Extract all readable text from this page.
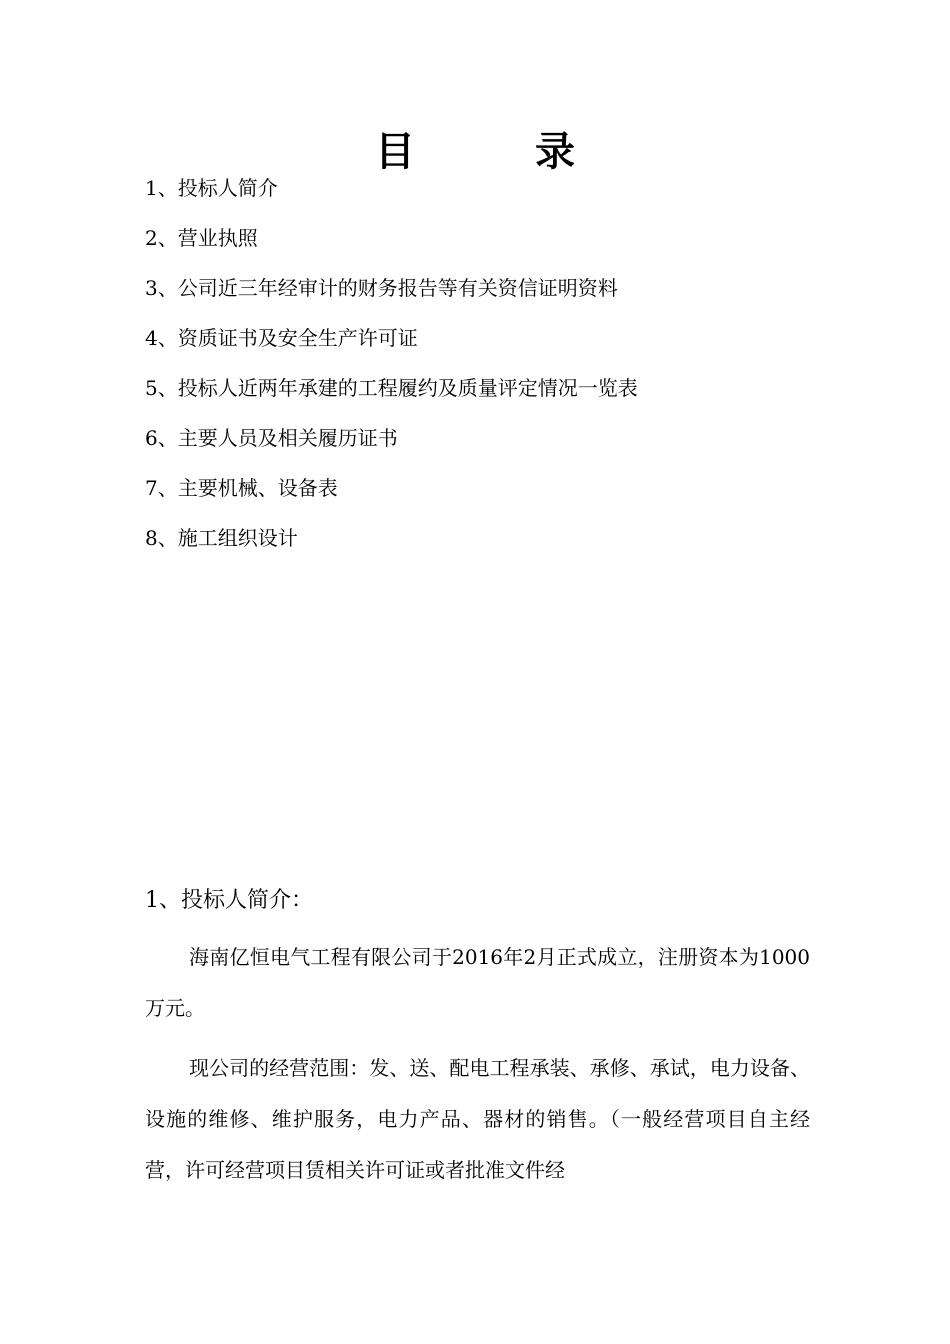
目　录
1、投标人简介
2、营业执照
3、公司近三年经审计的财务报告等有关资信证明资料
4、资质证书及安全生产许可证
5、投标人近两年承建的工程履约及质量评定情况一览表
6、主要人员及相关履历证书
7、主要机械、设备表
8、施工组织设计
1、投标人简介：

海南亿恒电气工程有限公司于2016年2月正式成立，注册资本为1000万元。

现公司的经营范围：发、送、配电工程承装、承修、承试，电力设备、设施的维修、维护服务，电力产品、器材的销售。（一般经营项目自主经营，许可经营项目赁相关许可证或者批准文件经
